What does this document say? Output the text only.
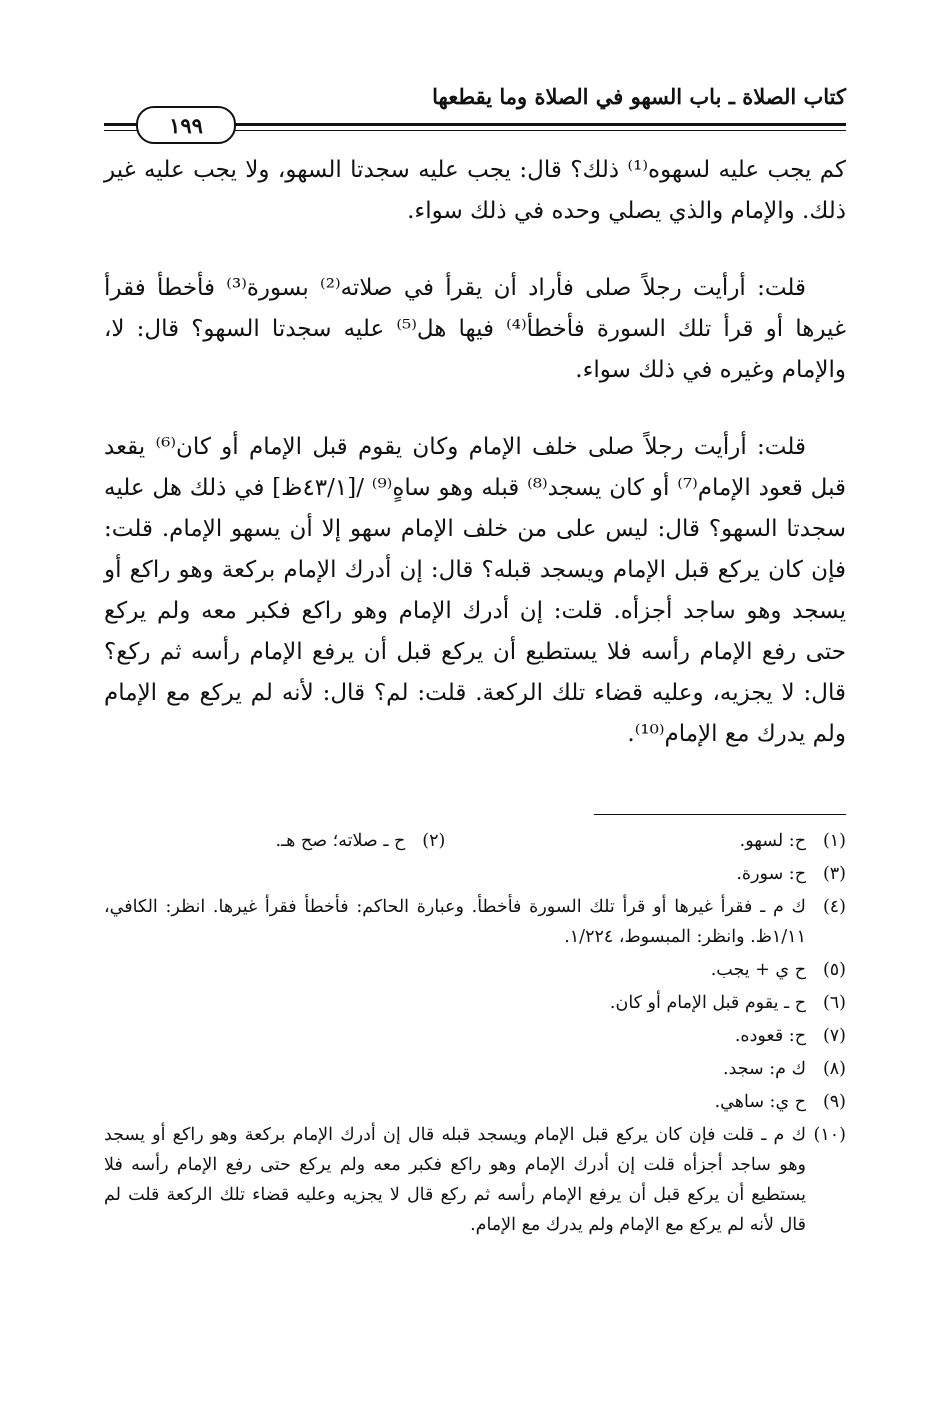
كتاب الصلاة ـ باب السهو في الصلاة وما يقطعها
١٩٩

كم يجب عليه لسهوه⁽¹⁾ ذلك؟ قال: يجب عليه سجدتا السهو، ولا يجب عليه غير ذلك. والإمام والذي يصلي وحده في ذلك سواء.

قلت: أرأيت رجلاً صلى فأراد أن يقرأ في صلاته⁽²⁾ بسورة⁽³⁾ فأخطأ فقرأ غيرها أو قرأ تلك السورة فأخطأ⁽⁴⁾ فيها هل⁽⁵⁾ عليه سجدتا السهو؟ قال: لا، والإمام وغيره في ذلك سواء.

قلت: أرأيت رجلاً صلى خلف الإمام وكان يقوم قبل الإمام أو كان⁽⁶⁾ يقعد قبل قعود الإمام⁽⁷⁾ أو كان يسجد⁽⁸⁾ قبله وهو ساهٍ⁽⁹⁾ /[٤٣/١ظ] في ذلك هل عليه سجدتا السهو؟ قال: ليس على من خلف الإمام سهو إلا أن يسهو الإمام. قلت: فإن كان يركع قبل الإمام ويسجد قبله؟ قال: إن أدرك الإمام بركعة وهو راكع أو يسجد وهو ساجد أجزأه. قلت: إن أدرك الإمام وهو راكع فكبر معه ولم يركع حتى رفع الإمام رأسه فلا يستطيع أن يركع قبل أن يرفع الإمام رأسه ثم ركع؟ قال: لا يجزيه، وعليه قضاء تلك الركعة. قلت: لم؟ قال: لأنه لم يركع مع الإمام ولم يدرك مع الإمام⁽¹⁰⁾.

(١)
ح: لسهو.
(٢)
ح ـ صلاته؛ صح هـ.
(٣)
ح: سورة.
(٤)
ك م ـ فقرأ غيرها أو قرأ تلك السورة فأخطأ. وعبارة الحاكم: فأخطأ فقرأ غيرها. انظر: الكافي، ١/١١ظ. وانظر: المبسوط، ١/٢٢٤.
(٥)
ح ي + يجب.
(٦)
ح ـ يقوم قبل الإمام أو كان.
(٧)
ح: قعوده.
(٨)
ك م: سجد.
(٩)
ح ي: ساهي.
(١٠)
ك م ـ قلت فإن كان يركع قبل الإمام ويسجد قبله قال إن أدرك الإمام بركعة وهو راكع أو يسجد وهو ساجد أجزأه قلت إن أدرك الإمام وهو راكع فكبر معه ولم يركع حتى رفع الإمام رأسه فلا يستطيع أن يركع قبل أن يرفع الإمام رأسه ثم ركع قال لا يجزيه وعليه قضاء تلك الركعة قلت لم قال لأنه لم يركع مع الإمام ولم يدرك مع الإمام.
